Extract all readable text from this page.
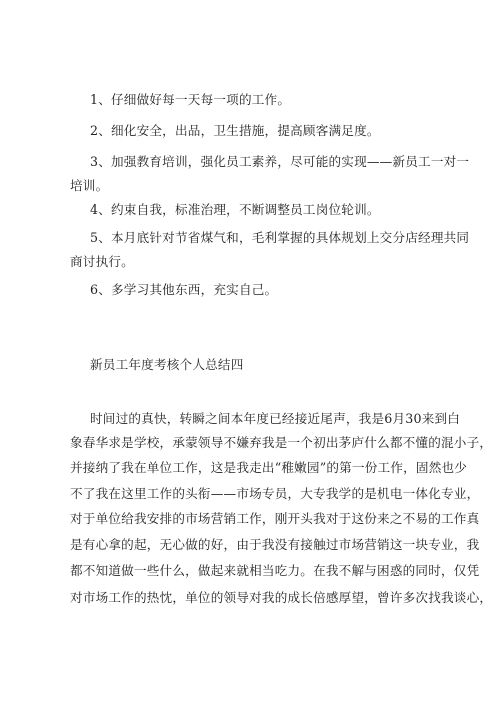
1、仔细做好每一天每一项的工作。
2、细化安全，出品，卫生措施，提高顾客满足度。
3、加强教育培训，强化员工素养，尽可能的实现——新员工一对一
培训。
4、约束自我，标准治理，不断调整员工岗位轮训。
5、本月底针对节省煤气和，毛利掌握的具体规划上交分店经理共同
商讨执行。
6、多学习其他东西，充实自己。
新员工年度考核个人总结四
时间过的真快，转瞬之间本年度已经接近尾声，我是6月30来到白
象春华求是学校，承蒙领导不嫌弃我是一个初出茅庐什么都不懂的混小子，
并接纳了我在单位工作，这是我走出“稚嫩园”的第一份工作，固然也少
不了我在这里工作的头衔——市场专员，大专我学的是机电一体化专业，
对于单位给我安排的市场营销工作，刚开头我对于这份来之不易的工作真
是有心拿的起，无心做的好，由于我没有接触过市场营销这一块专业，我
都不知道做一些什么，做起来就相当吃力。在我不解与困惑的同时，仅凭
对市场工作的热忱，单位的领导对我的成长倍感厚望，曾许多次找我谈心，
